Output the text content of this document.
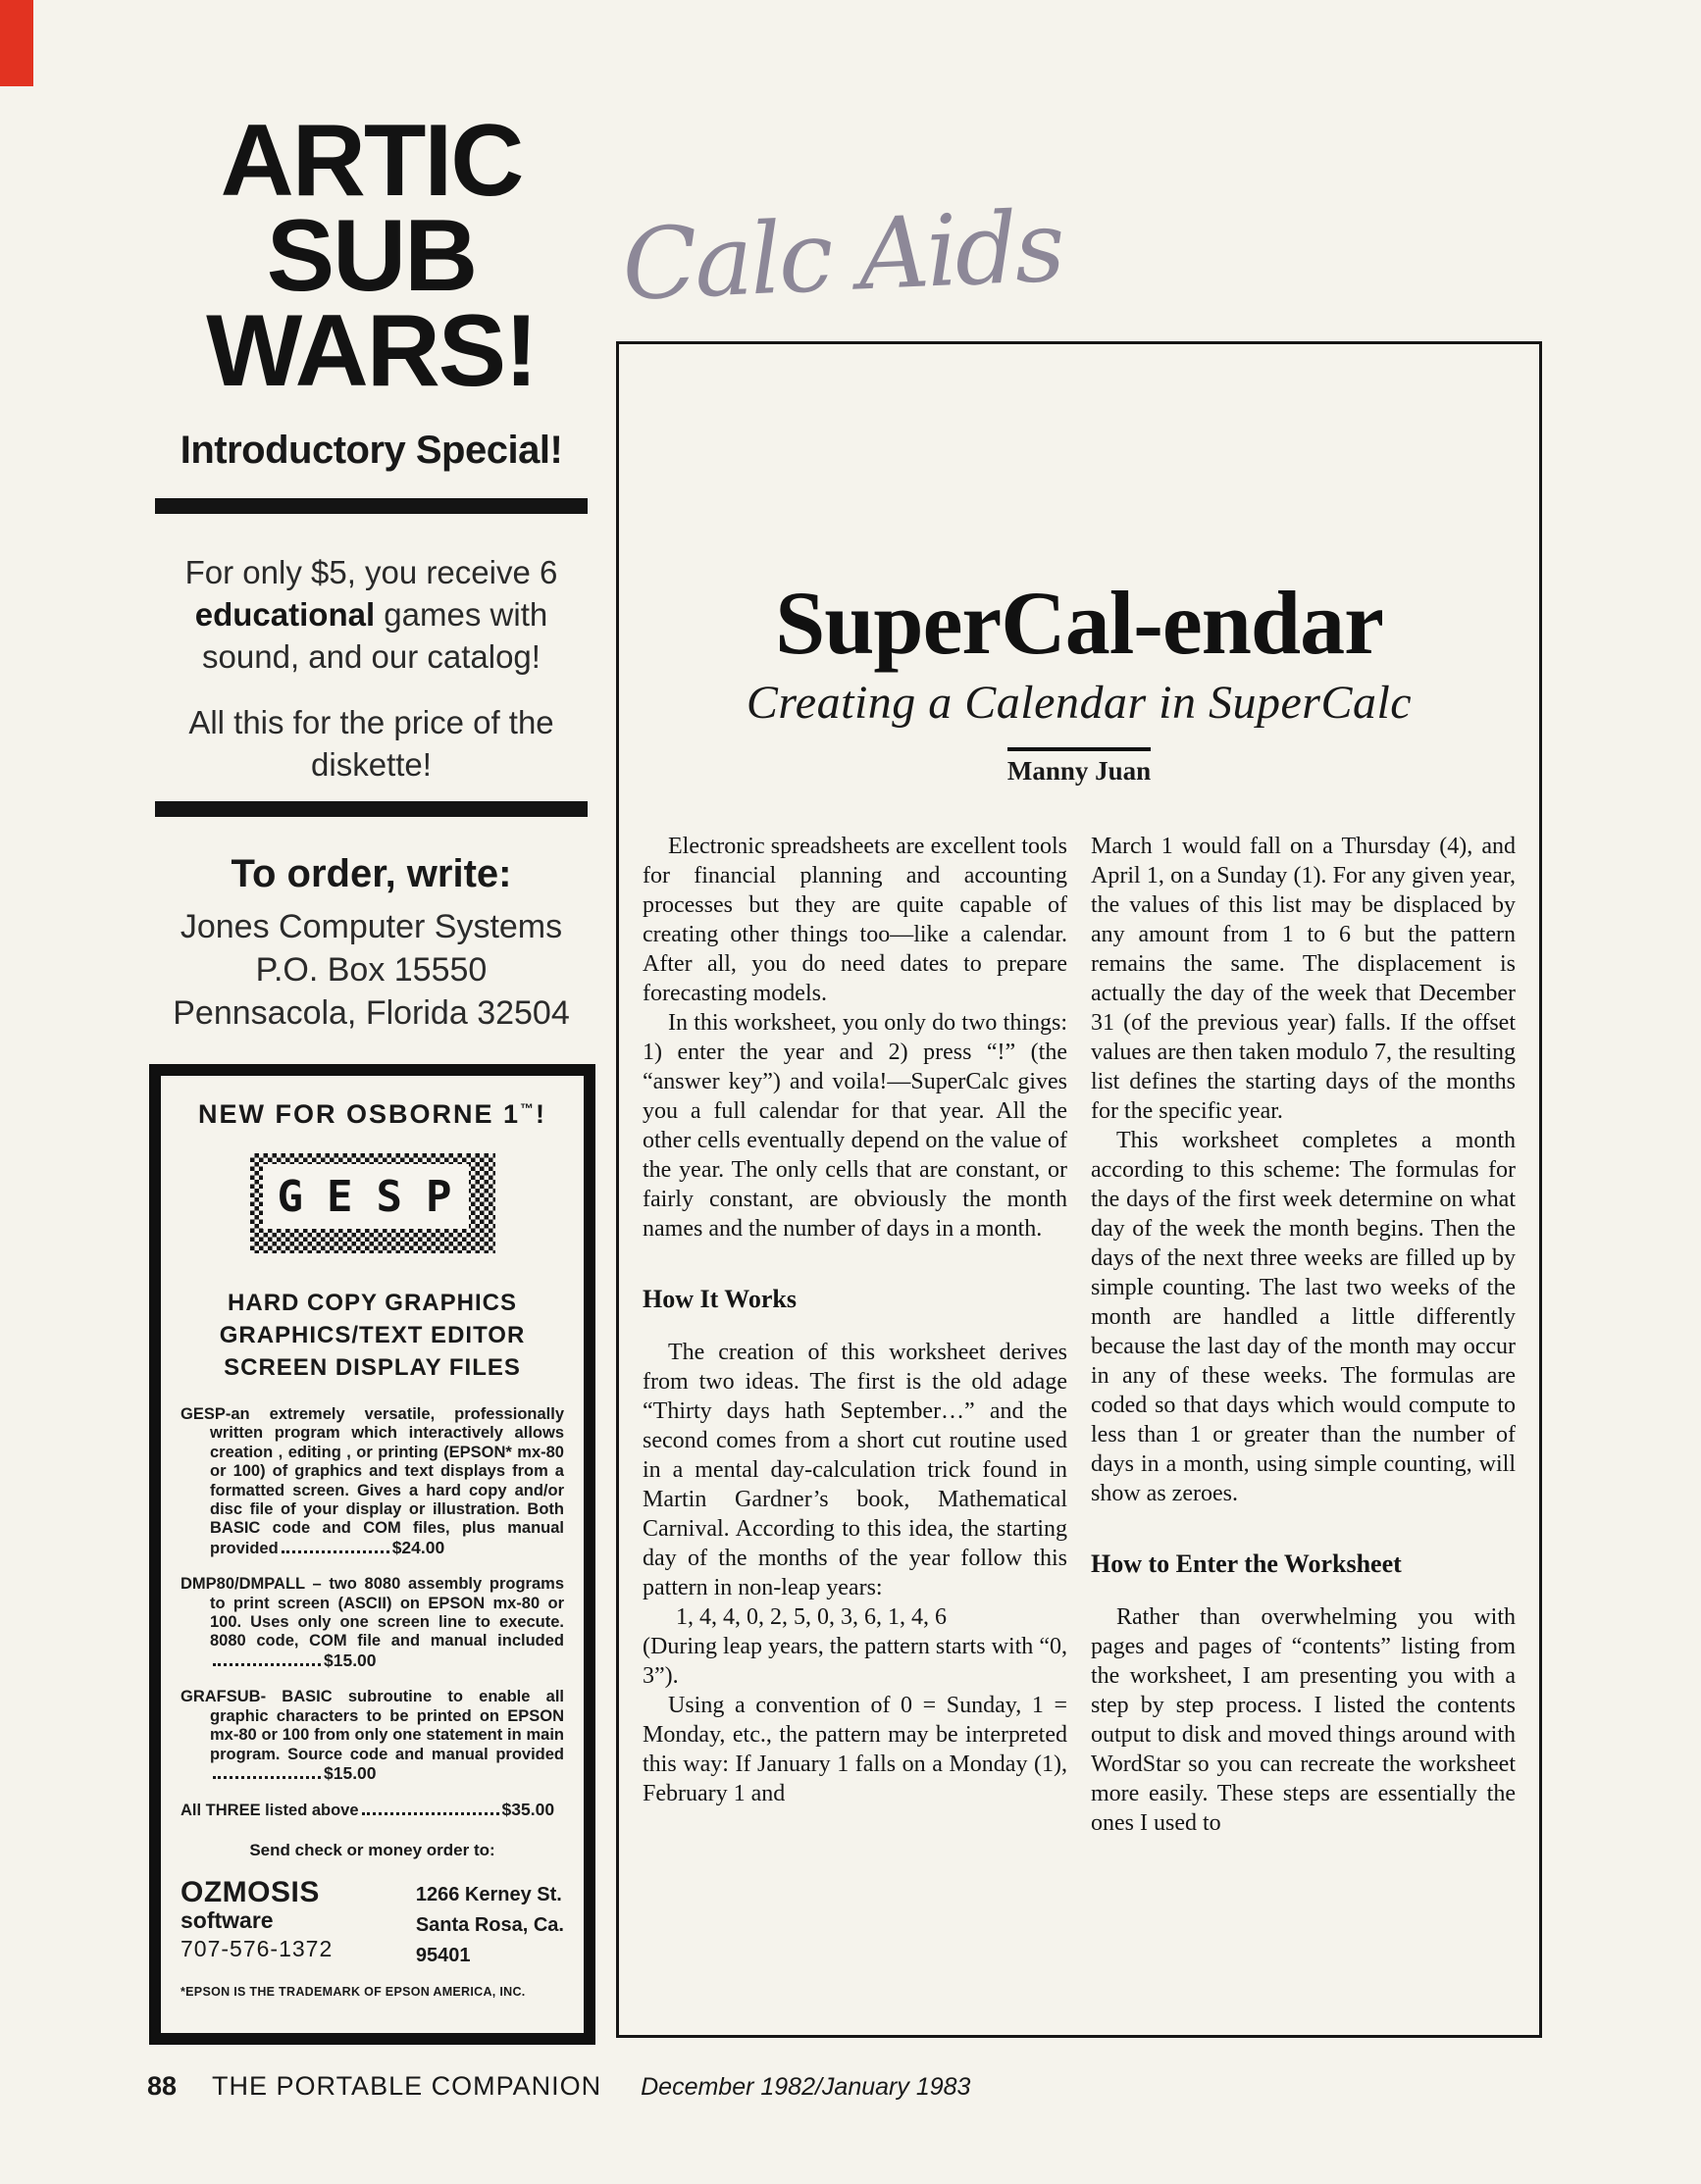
ARTIC
SUB
WARS!
Introductory Special!

For only $5, you receive 6 educational games with sound, and our catalog!

All this for the price of the diskette!

To order, write:
Jones Computer Systems
P.O. Box 15550
Pennsacola, Florida 32504
NEW FOR OSBORNE 1™!
GESP
HARD COPY GRAPHICS
GRAPHICS/TEXT EDITOR
SCREEN DISPLAY FILES

GESP-an extremely versatile, professionally written program which interactively allows creation , editing , or printing (EPSON* mx-80 or 100) of graphics and text displays from a formatted screen. Gives a hard copy and/or disc file of your display or illustration. Both BASIC code and COM files, plus manual provided	$24.00

DMP80/DMPALL – two 8080 assembly programs to print screen (ASCII) on EPSON mx-80 or 100. Uses only one screen line to execute. 8080 code, COM file and manual included$15.00

GRAFSUB- BASIC subroutine to enable all graphic characters to be printed on EPSON mx-80 or 100 from only one statement in main program. Source code and manual provided$15.00

All THREE listed above	$35.00

Send check or money order to:
OZMOSIS
software
707-576-1372
1266 Kerney St.
Santa Rosa, Ca.
95401
*EPSON IS THE TRADEMARK OF EPSON AMERICA, INC.
Calc Aids
SuperCal-endar
Creating a Calendar in SuperCalc
Manny Juan

Electronic spreadsheets are excellent tools for financial planning and accounting processes but they are quite capable of creating other things too—like a calendar. After all, you do need dates to prepare forecasting models.

In this worksheet, you only do two things: 1) enter the year and 2) press “!” (the “answer key”) and voila!—SuperCalc gives you a full calendar for that year. All the other cells eventually depend on the value of the year. The only cells that are constant, or fairly constant, are obviously the month names and the number of days in a month.

How It Works

The creation of this worksheet derives from two ideas. The first is the old adage “Thirty days hath September…” and the second comes from a short cut routine used in a mental day-calculation trick found in Martin Gardner’s book, Mathematical Carnival. According to this idea, the starting day of the months of the year follow this pattern in non-leap years:

1, 4, 4, 0, 2, 5, 0, 3, 6, 1, 4, 6

(During leap years, the pattern starts with “0, 3”).

Using a convention of 0 = Sunday, 1 = Monday, etc., the pattern may be interpreted this way: If January 1 falls on a Monday (1), February 1 and

March 1 would fall on a Thursday (4), and April 1, on a Sunday (1). For any given year, the values of this list may be displaced by any amount from 1 to 6 but the pattern remains the same. The displacement is actually the day of the week that December 31 (of the previous year) falls. If the offset values are then taken modulo 7, the resulting list defines the starting days of the months for the specific year.

This worksheet completes a month according to this scheme: The formulas for the days of the first week determine on what day of the week the month begins. Then the days of the next three weeks are filled up by simple counting. The last two weeks of the month are handled a little differently because the last day of the month may occur in any of these weeks. The formulas are coded so that days which would compute to less than 1 or greater than the number of days in a month, using simple counting, will show as zeroes.

How to Enter the Worksheet

Rather than overwhelming you with pages and pages of “contents” listing from the worksheet, I am presenting you with a step by step process. I listed the contents output to disk and moved things around with WordStar so you can recreate the worksheet more easily. These steps are essentially the ones I used to

88 THE PORTABLE COMPANION December 1982/January 1983
